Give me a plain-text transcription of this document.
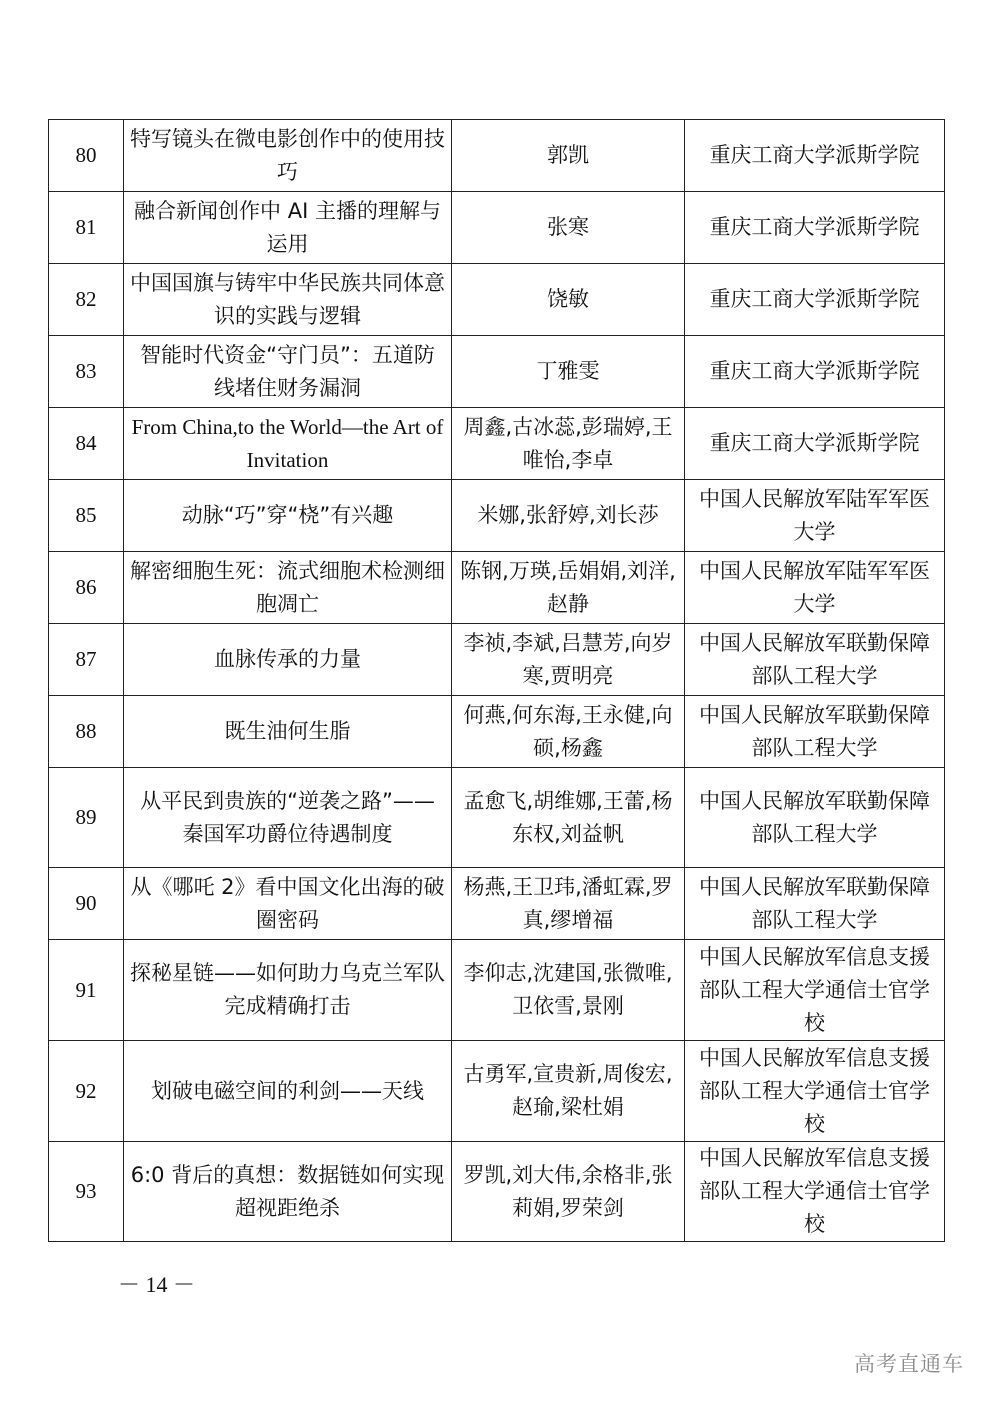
80	特写镜头在微电影创作中的使用技巧	郭凯	重庆工商大学派斯学院
81	融合新闻创作中 AI 主播的理解与运用	张寒	重庆工商大学派斯学院
82	中国国旗与铸牢中华民族共同体意识的实践与逻辑	饶敏	重庆工商大学派斯学院
83	智能时代资金“守门员”：五道防线堵住财务漏洞	丁雅雯	重庆工商大学派斯学院
84	From China,to the World—the Art of Invitation	周鑫,古冰蕊,彭瑞婷,王唯怡,李卓	重庆工商大学派斯学院
85	动脉“巧”穿“桡”有兴趣	米娜,张舒婷,刘长莎	中国人民解放军陆军军医大学
86	解密细胞生死：流式细胞术检测细胞凋亡	陈钢,万瑛,岳娟娟,刘洋,赵静	中国人民解放军陆军军医大学
87	血脉传承的力量	李祯,李斌,吕慧芳,向岁寒,贾明亮	中国人民解放军联勤保障部队工程大学
88	既生油何生脂	何燕,何东海,王永健,向硕,杨鑫	中国人民解放军联勤保障部队工程大学
89	从平民到贵族的“逆袭之路”——秦国军功爵位待遇制度	孟愈飞,胡维娜,王蕾,杨东权,刘益帆	中国人民解放军联勤保障部队工程大学
90	从《哪吒 2》看中国文化出海的破圈密码	杨燕,王卫玮,潘虹霖,罗真,缪增福	中国人民解放军联勤保障部队工程大学
91	探秘星链——如何助力乌克兰军队完成精确打击	李仰志,沈建国,张微唯,卫依雪,景刚	中国人民解放军信息支援部队工程大学通信士官学校
92	划破电磁空间的利剑——天线	古勇军,宣贵新,周俊宏,赵瑜,梁杜娟	中国人民解放军信息支援部队工程大学通信士官学校
93	6:0 背后的真想：数据链如何实现超视距绝杀	罗凯,刘大伟,余格非,张莉娟,罗荣剑	中国人民解放军信息支援部队工程大学通信士官学校
－ 14 －
高考直通车
